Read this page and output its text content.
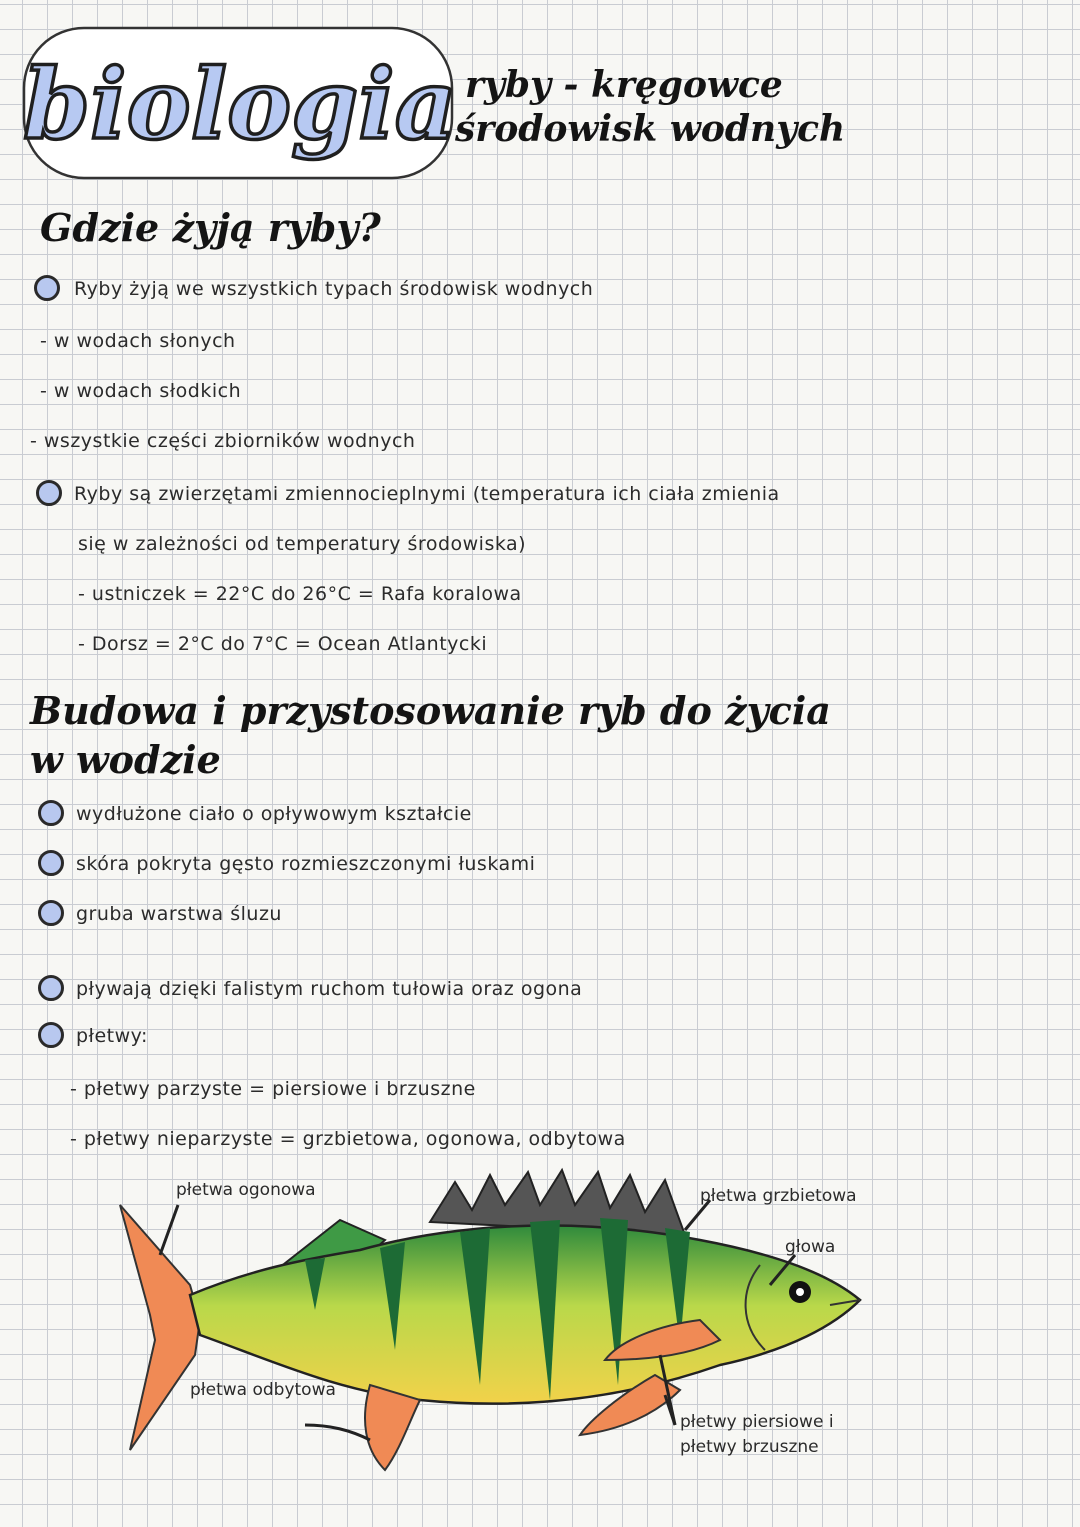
biologia ryby - kręgowce
środowisk wodnych
Gdzie żyją ryby?
Ryby żyją we wszystkich typach środowisk wodnych
- w wodach słonych
- w wodach słodkich
- wszystkie części zbiorników wodnych
Ryby są zwierzętami zmiennocieplnymi (temperatura ich ciała zmienia
się w zależności od temperatury środowiska)
- ustniczek = 22°C do 26°C = Rafa koralowa
- Dorsz = 2°C do 7°C = Ocean Atlantycki
Budowa i przystosowanie ryb do życia
w wodzie
wydłużone ciało o opływowym kształcie
skóra pokryta gęsto rozmieszczonymi łuskami
gruba warstwa śluzu
pływają dzięki falistym ruchom tułowia oraz ogona
płetwy:
- płetwy parzyste = piersiowe i brzuszne
- płetwy nieparzyste = grzbietowa, ogonowa, odbytowa
płetwa ogonowa	płetwa grzbietowa
głowa
płetwa odbytowa
płetwy piersiowe i
płetwy brzuszne
